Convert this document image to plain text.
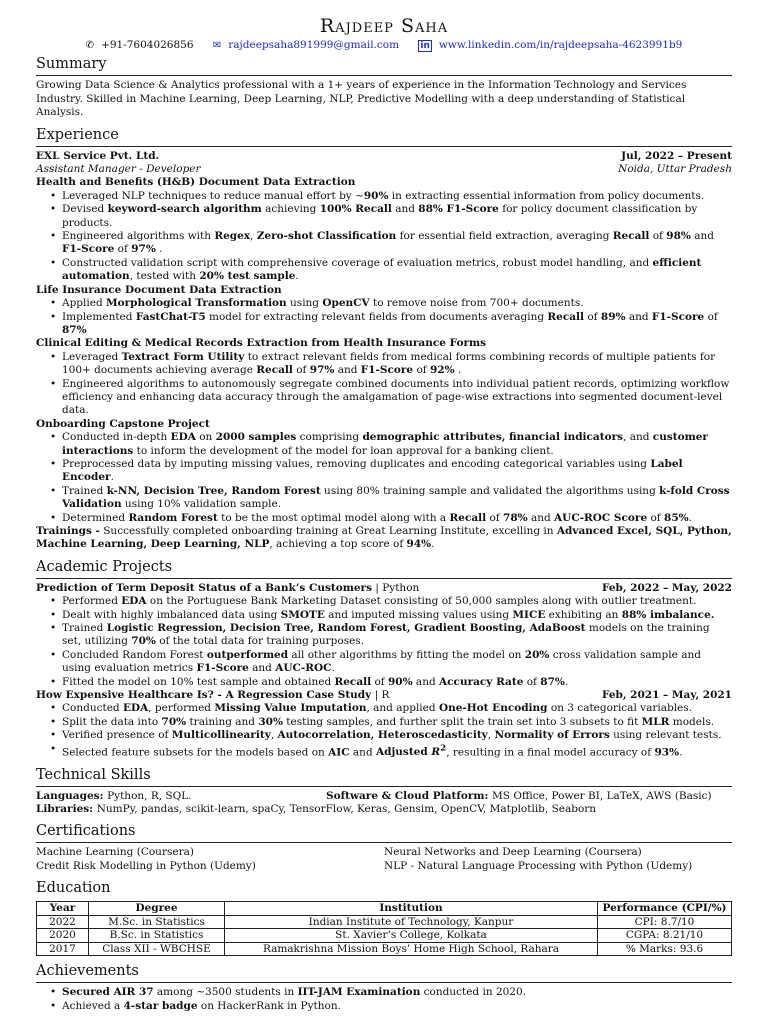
Rajdeep Saha
✆ +91-7604026856 ✉ rajdeepsaha891999@gmail.com in www.linkedin.com/in/rajdeepsaha-4623991b9
Summary
Growing Data Science & Analytics professional with a 1+ years of experience in the Information Technology and Services Industry. Skilled in Machine Learning, Deep Learning, NLP, Predictive Modelling with a deep understanding of Statistical Analysis.
Experience
EXL Service Pvt. Ltd.	Jul, 2022 – Present
Assistant Manager - Developer	Noida, Uttar Pradesh
Health and Benefits (H&B) Document Data Extraction
• Leveraged NLP techniques to reduce manual effort by ~90% in extracting essential information from policy documents.
• Devised keyword-search algorithm achieving 100% Recall and 88% F1-Score for policy document classification by products.
• Engineered algorithms with Regex, Zero-shot Classification for essential field extraction, averaging Recall of 98% and F1-Score of 97% .
• Constructed validation script with comprehensive coverage of evaluation metrics, robust model handling, and efficient automation, tested with 20% test sample.
Life Insurance Document Data Extraction
• Applied Morphological Transformation using OpenCV to remove noise from 700+ documents.
• Implemented FastChat-T5 model for extracting relevant fields from documents averaging Recall of 89% and F1-Score of 87%
Clinical Editing & Medical Records Extraction from Health Insurance Forms
• Leveraged Textract Form Utility to extract relevant fields from medical forms combining records of multiple patients for 100+ documents achieving average Recall of 97% and F1-Score of 92% .
• Engineered algorithms to autonomously segregate combined documents into individual patient records, optimizing workflow efficiency and enhancing data accuracy through the amalgamation of page-wise extractions into segmented document-level data.
Onboarding Capstone Project
• Conducted in-depth EDA on 2000 samples comprising demographic attributes, financial indicators, and customer interactions to inform the development of the model for loan approval for a banking client.
• Preprocessed data by imputing missing values, removing duplicates and encoding categorical variables using Label Encoder.
• Trained k-NN, Decision Tree, Random Forest using 80% training sample and validated the algorithms using k-fold Cross Validation using 10% validation sample.
• Determined Random Forest to be the most optimal model along with a Recall of 78% and AUC-ROC Score of 85%.
Trainings - Successfully completed onboarding training at Great Learning Institute, excelling in Advanced Excel, SQL, Python, Machine Learning, Deep Learning, NLP, achieving a top score of 94%.
Academic Projects
Prediction of Term Deposit Status of a Bank’s Customers | Python	Feb, 2022 – May, 2022
• Performed EDA on the Portuguese Bank Marketing Dataset consisting of 50,000 samples along with outlier treatment.
• Dealt with highly imbalanced data using SMOTE and imputed missing values using MICE exhibiting an 88% imbalance.
• Trained Logistic Regression, Decision Tree, Random Forest, Gradient Boosting, AdaBoost models on the training set, utilizing 70% of the total data for training purposes.
• Concluded Random Forest outperformed all other algorithms by fitting the model on 20% cross validation sample and using evaluation metrics F1-Score and AUC-ROC.
• Fitted the model on 10% test sample and obtained Recall of 90% and Accuracy Rate of 87%.
How Expensive Healthcare Is? - A Regression Case Study | R	Feb, 2021 – May, 2021
• Conducted EDA, performed Missing Value Imputation, and applied One-Hot Encoding on 3 categorical variables.
• Split the data into 70% training and 30% testing samples, and further split the train set into 3 subsets to fit MLR models.
• Verified presence of Multicollinearity, Autocorrelation, Heteroscedasticity, Normality of Errors using relevant tests.
• Selected feature subsets for the models based on AIC and Adjusted $R^2$, resulting in a final model accuracy of 93%.
Technical Skills
Languages: Python, R, SQL.	Software & Cloud Platform: MS Office, Power BI, LaTeX, AWS (Basic)
Libraries: NumPy, pandas, scikit-learn, spaCy, TensorFlow, Keras, Gensim, OpenCV, Matplotlib, Seaborn
Certifications
Machine Learning (Coursera)	Neural Networks and Deep Learning (Coursera)
Credit Risk Modelling in Python (Udemy)	NLP - Natural Language Processing with Python (Udemy)
Education
Year	Degree	Institution	Performance (CPI/%)
2022	M.Sc. in Statistics	Indian Institute of Technology, Kanpur	CPI: 8.7/10
2020	B.Sc. in Statistics	St. Xavier’s College, Kolkata	CGPA: 8.21/10
2017	Class XII - WBCHSE	Ramakrishna Mission Boys’ Home High School, Rahara	% Marks: 93.6
Achievements
• Secured AIR 37 among ~3500 students in IIT-JAM Examination conducted in 2020.
• Achieved a 4-star badge on HackerRank in Python.
